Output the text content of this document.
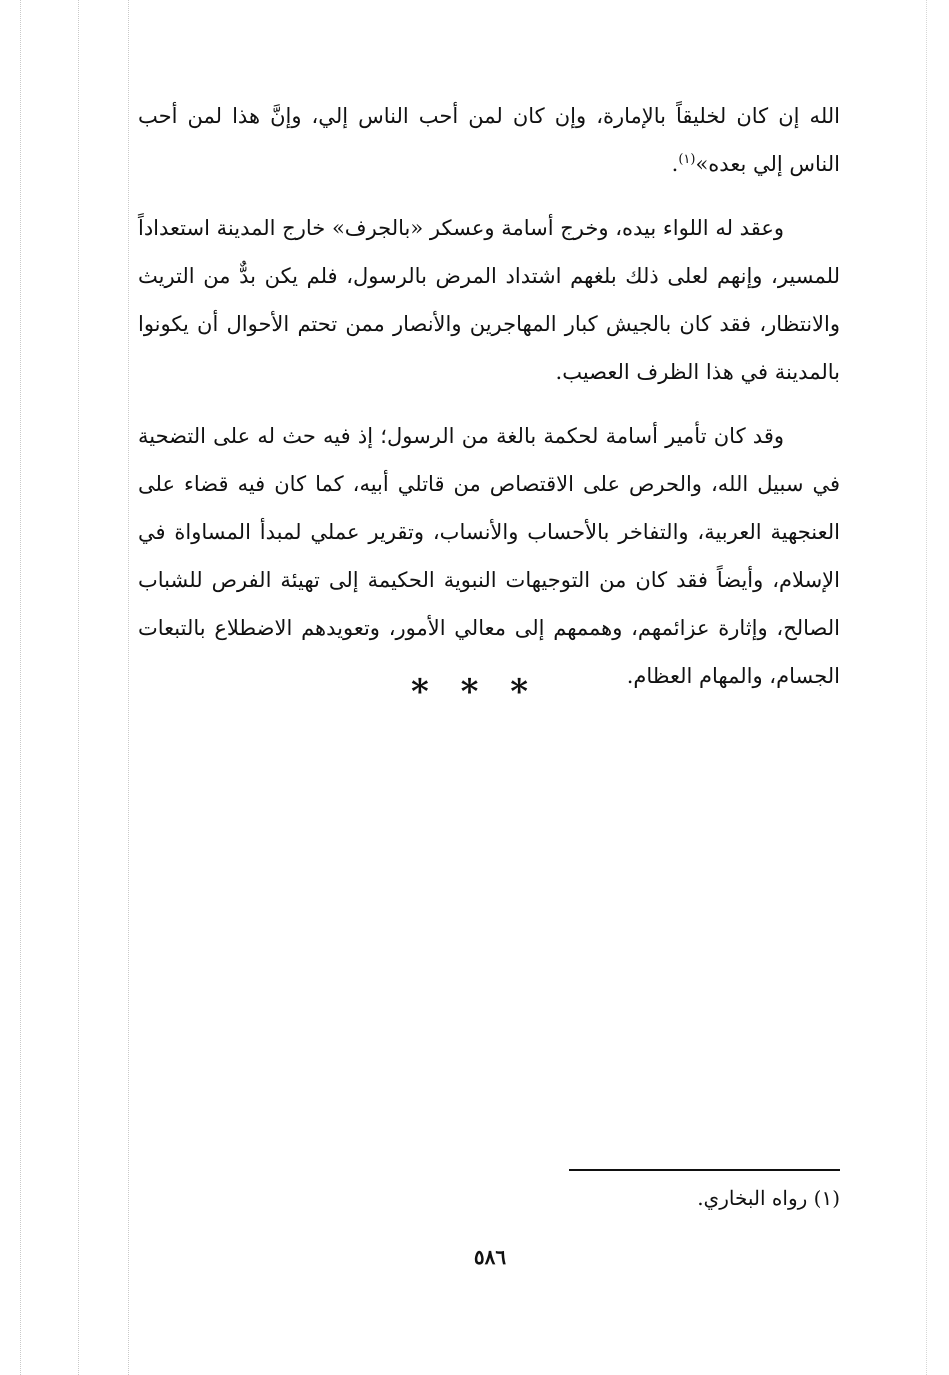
الله إن كان لخليقاً بالإمارة، وإن كان لمن أحب الناس إلي، وإنَّ هذا لمن أحب الناس إلي بعده»$^{(١)}$.

وعقد له اللواء بيده، وخرج أسامة وعسكر «بالجرف» خارج المدينة استعداداً للمسير، وإنهم لعلى ذلك بلغهم اشتداد المرض بالرسول، فلم يكن بدٌّ من التريث والانتظار، فقد كان بالجيش كبار المهاجرين والأنصار ممن تحتم الأحوال أن يكونوا بالمدينة في هذا الظرف العصيب.

وقد كان تأمير أسامة لحكمة بالغة من الرسول؛ إذ فيه حث له على التضحية في سبيل الله، والحرص على الاقتصاص من قاتلي أبيه، كما كان فيه قضاء على العنجهية العربية، والتفاخر بالأحساب والأنساب، وتقرير عملي لمبدأ المساواة في الإسلام، وأيضاً فقد كان من التوجيهات النبوية الحكيمة إلى تهيئة الفرص للشباب الصالح، وإثارة عزائمهم، وهممهم إلى معالي الأمور، وتعويدهم الاضطلاع بالتبعات الجسام، والمهام العظام.

* * *
(١) رواه البخاري.
٥٨٦
